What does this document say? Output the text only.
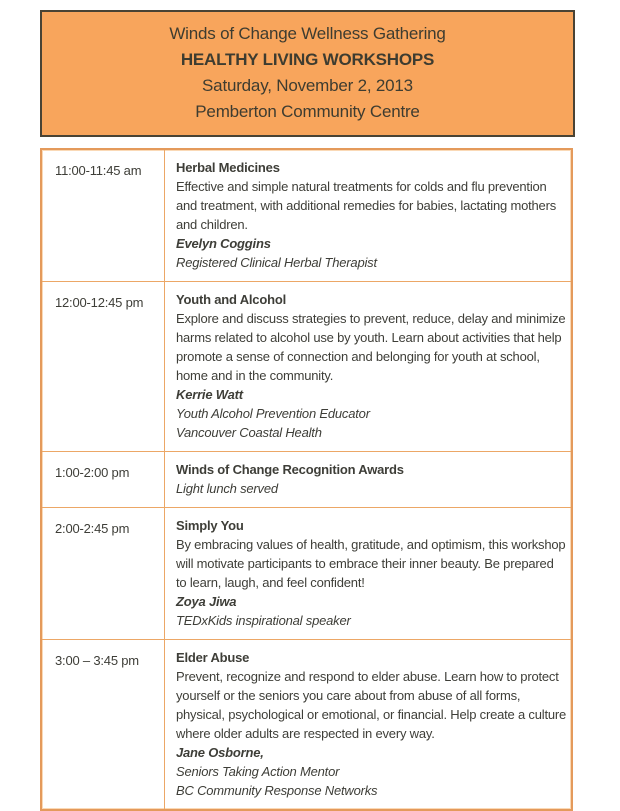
Winds of Change Wellness Gathering
HEALTHY LIVING WORKSHOPS
Saturday, November 2, 2013
Pemberton Community Centre
11:00-11:45 am	Herbal Medicines
Effective and simple natural treatments for colds and flu prevention and treatment, with additional remedies for babies, lactating mothers and children.
Evelyn Coggins
Registered Clinical Herbal Therapist

12:00-12:45 pm	Youth and Alcohol
Explore and discuss strategies to prevent, reduce, delay and minimize harms related to alcohol use by youth. Learn about activities that help promote a sense of connection and belonging for youth at school, home and in the community.
Kerrie Watt
Youth Alcohol Prevention Educator
Vancouver Coastal Health

1:00-2:00 pm	Winds of Change Recognition Awards
Light lunch served

2:00-2:45 pm	Simply You
By embracing values of health, gratitude, and optimism, this workshop will motivate participants to embrace their inner beauty. Be prepared to learn, laugh, and feel confident!
Zoya Jiwa
TEDxKids inspirational speaker

3:00 – 3:45 pm	Elder Abuse
Prevent, recognize and respond to elder abuse. Learn how to protect yourself or the seniors you care about from abuse of all forms, physical, psychological or emotional, or financial. Help create a culture where older adults are respected in every way.
Jane Osborne,
Seniors Taking Action Mentor
BC Community Response Networks
